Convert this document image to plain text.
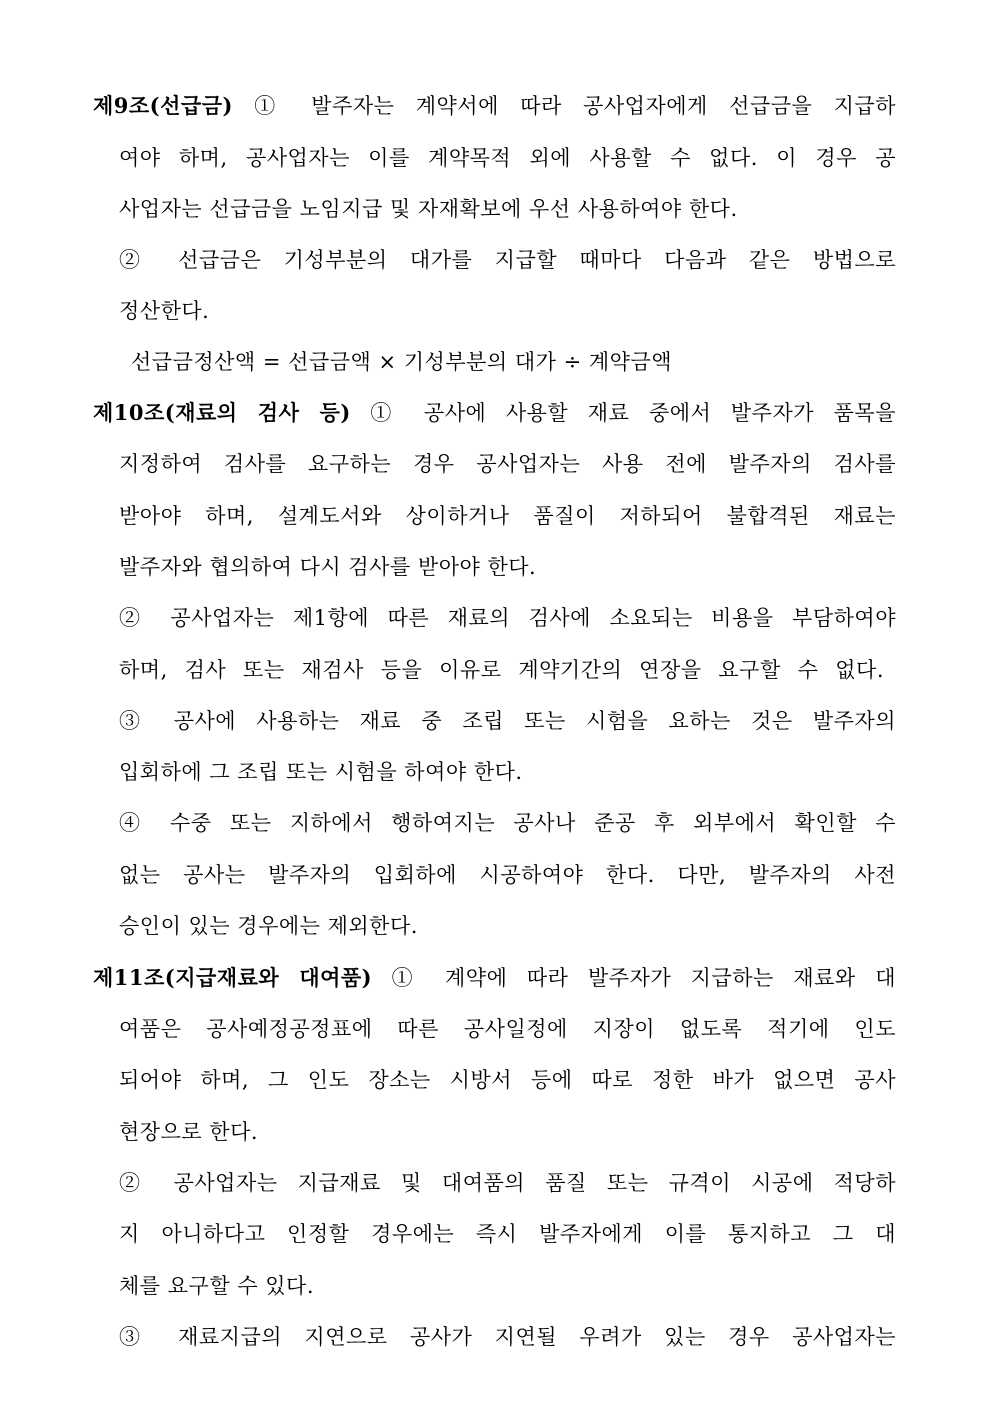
제9조(선급금) ① 발주자는 계약서에 따라 공사업자에게 선급금을 지급하
여야 하며, 공사업자는 이를 계약목적 외에 사용할 수 없다. 이 경우 공
사업자는 선급금을 노임지급 및 자재확보에 우선 사용하여야 한다.
② 선급금은 기성부분의 대가를 지급할 때마다 다음과 같은 방법으로
정산한다.
선급금정산액 = 선급금액 × 기성부분의 대가 ÷ 계약금액
제10조(재료의 검사 등) ① 공사에 사용할 재료 중에서 발주자가 품목을
지정하여 검사를 요구하는 경우 공사업자는 사용 전에 발주자의 검사를
받아야 하며, 설계도서와 상이하거나 품질이 저하되어 불합격된 재료는
발주자와 협의하여 다시 검사를 받아야 한다.
② 공사업자는 제1항에 따른 재료의 검사에 소요되는 비용을 부담하여야
하며, 검사 또는 재검사 등을 이유로 계약기간의 연장을 요구할 수 없다.
③ 공사에 사용하는 재료 중 조립 또는 시험을 요하는 것은 발주자의
입회하에 그 조립 또는 시험을 하여야 한다.
④ 수중 또는 지하에서 행하여지는 공사나 준공 후 외부에서 확인할 수
없는 공사는 발주자의 입회하에 시공하여야 한다. 다만, 발주자의 사전
승인이 있는 경우에는 제외한다.
제11조(지급재료와 대여품) ① 계약에 따라 발주자가 지급하는 재료와 대
여품은 공사예정공정표에 따른 공사일정에 지장이 없도록 적기에 인도
되어야 하며, 그 인도 장소는 시방서 등에 따로 정한 바가 없으면 공사
현장으로 한다.
② 공사업자는 지급재료 및 대여품의 품질 또는 규격이 시공에 적당하
지 아니하다고 인정할 경우에는 즉시 발주자에게 이를 통지하고 그 대
체를 요구할 수 있다.
③ 재료지급의 지연으로 공사가 지연될 우려가 있는 경우 공사업자는
